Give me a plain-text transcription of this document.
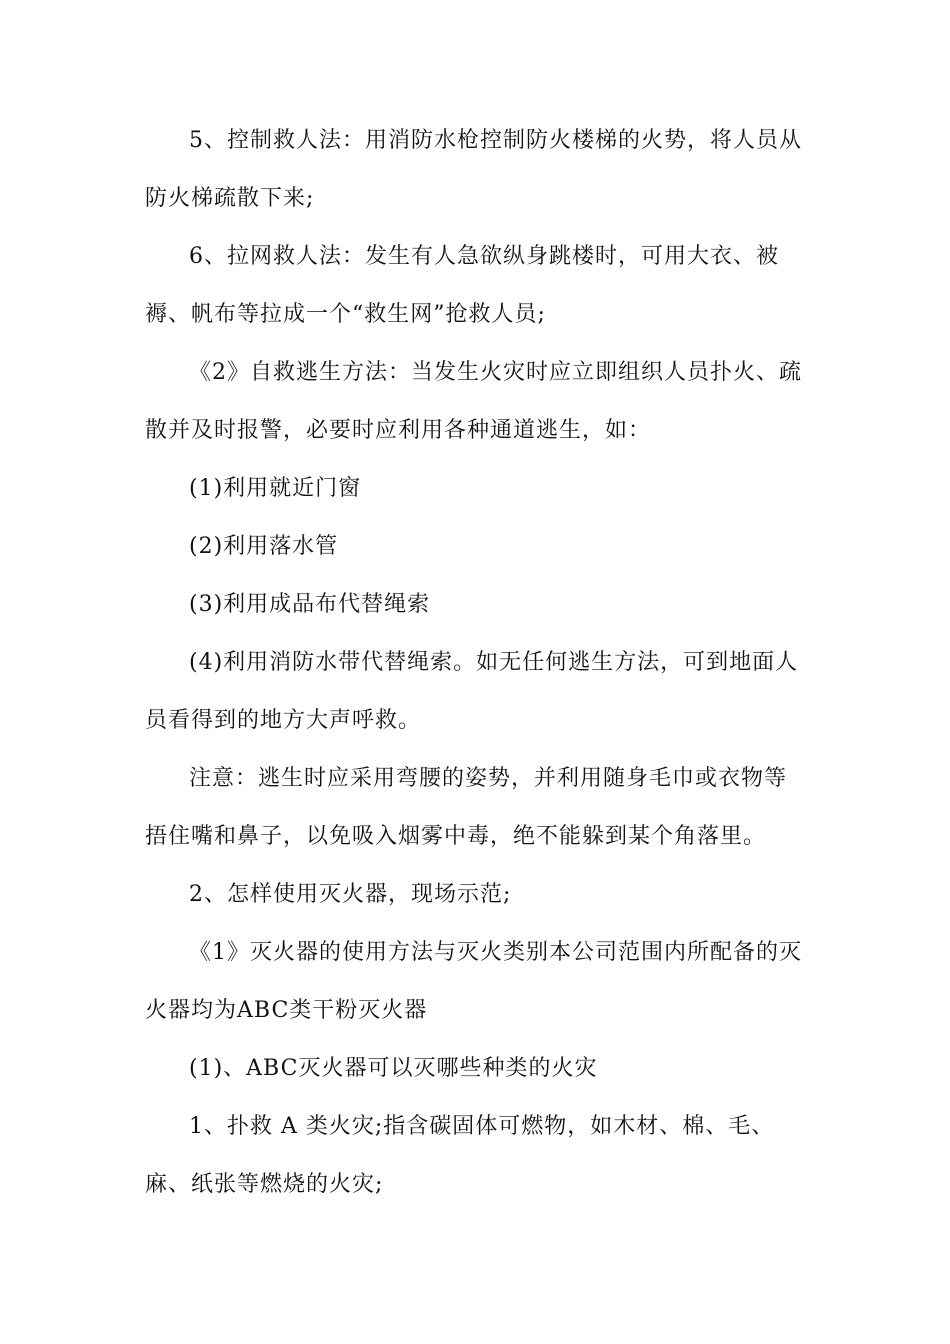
5、控制救人法：用消防水枪控制防火楼梯的火势，将人员从防火梯疏散下来;

6、拉网救人法：发生有人急欲纵身跳楼时，可用大衣、被褥、帆布等拉成一个“救生网”抢救人员;

《2》自救逃生方法：当发生火灾时应立即组织人员扑火、疏散并及时报警，必要时应利用各种通道逃生，如：

(1)利用就近门窗

(2)利用落水管

(3)利用成品布代替绳索

(4)利用消防水带代替绳索。如无任何逃生方法，可到地面人员看得到的地方大声呼救。

注意：逃生时应采用弯腰的姿势，并利用随身毛巾或衣物等捂住嘴和鼻子，以免吸入烟雾中毒，绝不能躲到某个角落里。

2、怎样使用灭火器，现场示范;

《1》灭火器的使用方法与灭火类别本公司范围内所配备的灭火器均为ABC类干粉灭火器

(1)、ABC灭火器可以灭哪些种类的火灾

1、扑救 A 类火灾;指含碳固体可燃物，如木材、棉、毛、麻、纸张等燃烧的火灾;
